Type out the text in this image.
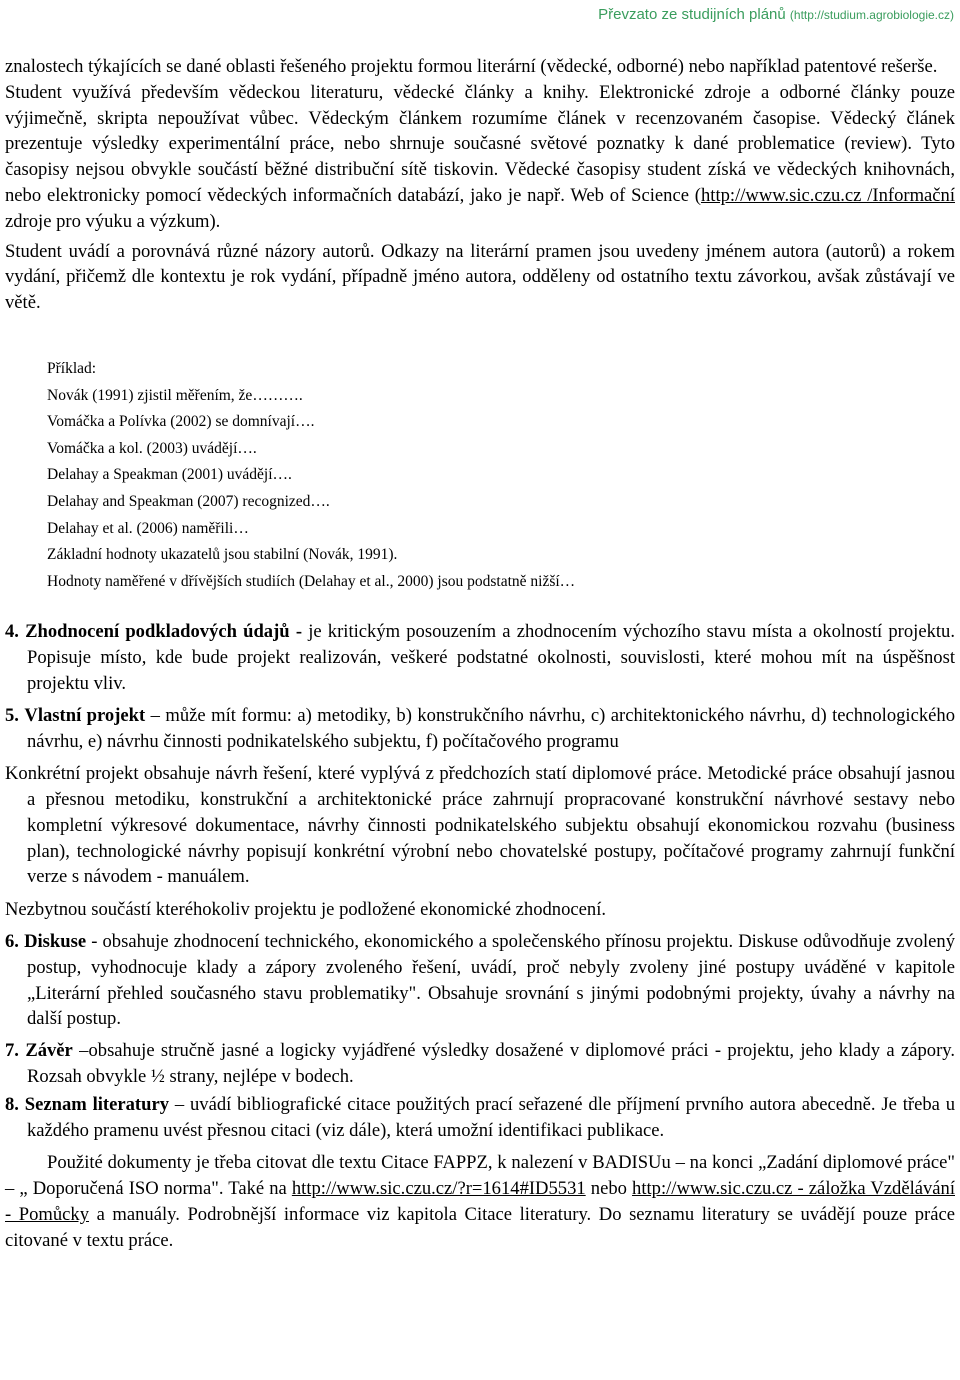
Převzato ze studijních plánů (http://studium.agrobiologie.cz)

znalostech týkajících se dané oblasti řešeného projektu formou literární (vědecké, odborné) nebo například patentové rešerše.

Student využívá především vědeckou literaturu, vědecké články a knihy. Elektronické zdroje a odborné články pouze výjimečně, skripta nepoužívat vůbec. Vědeckým článkem rozumíme článek v recenzovaném časopise. Vědecký článek prezentuje výsledky experimentální práce, nebo shrnuje současné světové poznatky k dané problematice (review). Tyto časopisy nejsou obvykle součástí běžné distribuční sítě tiskovin. Vědecké časopisy student získá ve vědeckých knihovnách, nebo elektronicky pomocí vědeckých informačních databází, jako je např. Web of Science (http://www.sic.czu.cz /Informační zdroje pro výuku a výzkum).

Student uvádí a porovnává různé názory autorů. Odkazy na literární pramen jsou uvedeny jménem autora (autorů) a rokem vydání, přičemž dle kontextu je rok vydání, případně jméno autora, odděleny od ostatního textu závorkou, avšak zůstávají ve větě.

Příklad:
Novák (1991) zjistil měřením, že……….
Vomáčka a Polívka (2002) se domnívají….
Vomáčka a kol. (2003) uvádějí….
Delahay a Speakman (2001) uvádějí….
Delahay and Speakman (2007) recognized….
Delahay et al. (2006) naměřili…
Základní hodnoty ukazatelů jsou stabilní (Novák, 1991).
Hodnoty naměřené v dřívějších studiích (Delahay et al., 2000) jsou podstatně nižší…
4. Zhodnocení podkladových údajů - je kritickým posouzením a zhodnocením výchozího stavu místa a okolností projektu. Popisuje místo, kde bude projekt realizován, veškeré podstatné okolnosti, souvislosti, které mohou mít na úspěšnost projektu vliv.
5. Vlastní projekt – může mít formu: a) metodiky, b) konstrukčního návrhu, c) architektonického návrhu, d) technologického návrhu, e) návrhu činnosti podnikatelského subjektu, f) počítačového programu

Konkrétní projekt obsahuje návrh řešení, které vyplývá z předchozích statí diplomové práce. Metodické práce obsahují jasnou a přesnou metodiku, konstrukční a architektonické práce zahrnují propracované konstrukční návrhové sestavy nebo kompletní výkresové dokumentace, návrhy činnosti podnikatelského subjektu obsahují ekonomickou rozvahu (business plan), technologické návrhy popisují konkrétní výrobní nebo chovatelské postupy, počítačové programy zahrnují funkční verze s návodem - manuálem.

Nezbytnou součástí kteréhokoliv projektu je podložené ekonomické zhodnocení.

6. Diskuse - obsahuje zhodnocení technického, ekonomického a společenského přínosu projektu. Diskuse odůvodňuje zvolený postup, vyhodnocuje klady a zápory zvoleného řešení, uvádí, proč nebyly zvoleny jiné postupy uváděné v kapitole „Literární přehled současného stavu problematiky". Obsahuje srovnání s jinými podobnými projekty, úvahy a návrhy na další postup.
7. Závěr –obsahuje stručně jasné a logicky vyjádřené výsledky dosažené v diplomové práci - projektu, jeho klady a zápory. Rozsah obvykle ½ strany, nejlépe v bodech.
8. Seznam literatury – uvádí bibliografické citace použitých prací seřazené dle příjmení prvního autora abecedně. Je třeba u každého pramenu uvést přesnou citaci (viz dále), která umožní identifikaci publikace.

Použité dokumenty je třeba citovat dle textu Citace FAPPZ, k nalezení v BADISUu – na konci „Zadání diplomové práce" – „ Doporučená ISO norma". Také na http://www.sic.czu.cz/?r=1614#ID5531 nebo http://www.sic.czu.cz - záložka Vzdělávání - Pomůcky a manuály. Podrobnější informace viz kapitola Citace literatury. Do seznamu literatury se uvádějí pouze práce citované v textu práce.
